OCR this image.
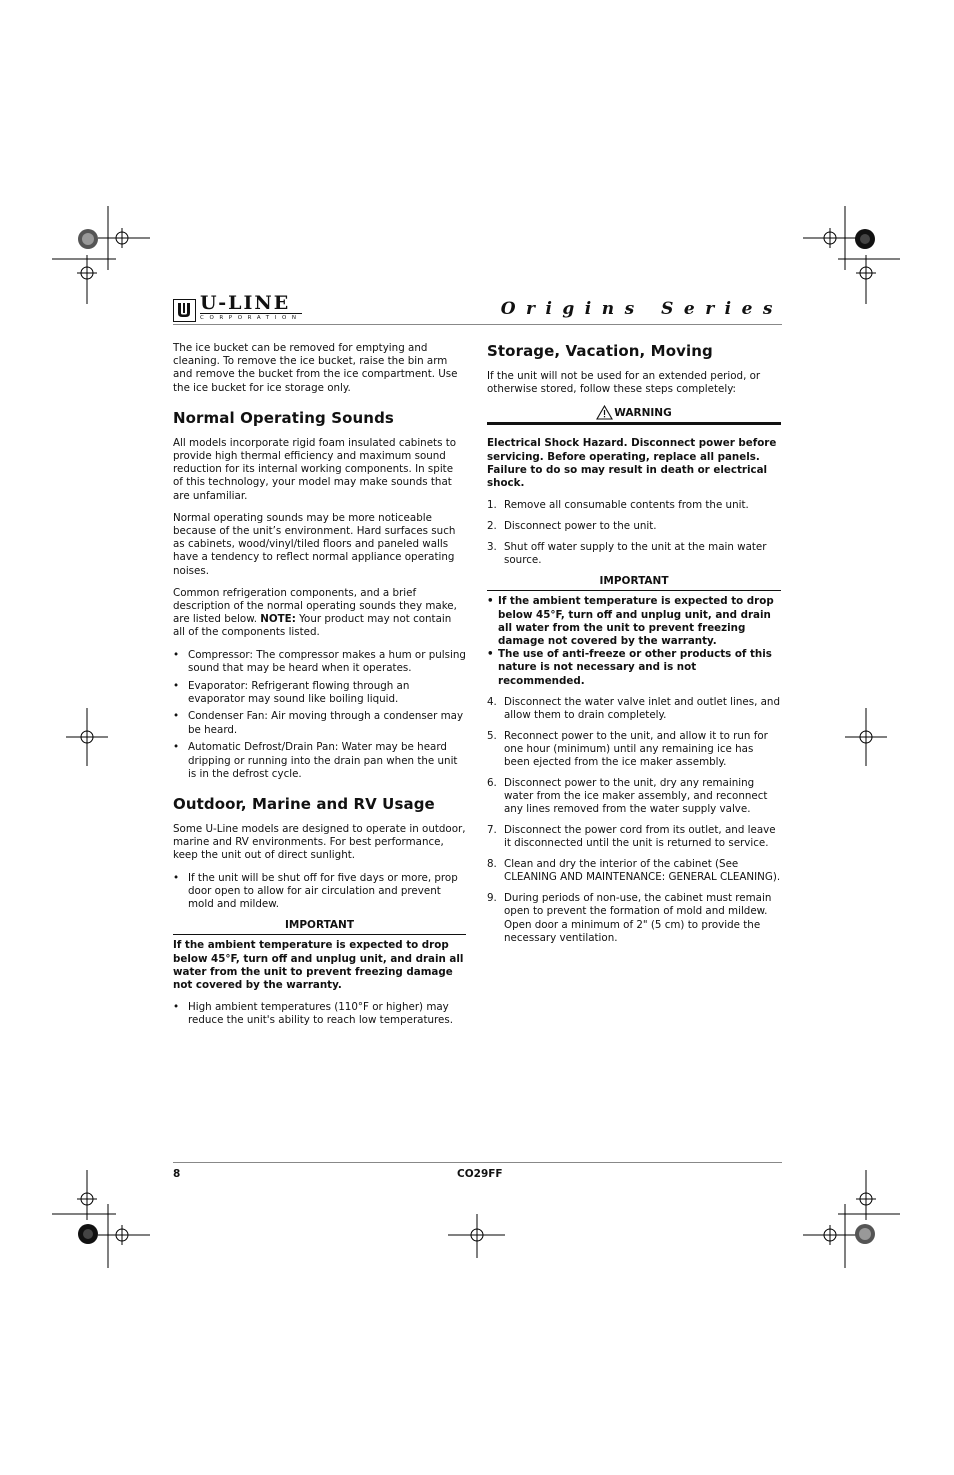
U-LINE
CORPORATION	Origins Series

The ice bucket can be removed for emptying and cleaning. To remove the ice bucket, raise the bin arm and remove the bucket from the ice compartment. Use the ice bucket for ice storage only.

Normal Operating Sounds

All models incorporate rigid foam insulated cabinets to provide high thermal efficiency and maximum sound reduction for its internal working components. In spite of this technology, your model may make sounds that are unfamiliar.

Normal operating sounds may be more noticeable because of the unit’s environment. Hard surfaces such as cabinets, wood/vinyl/tiled floors and paneled walls have a tendency to reflect normal appliance operating noises.

Common refrigeration components, and a brief description of the normal operating sounds they make, are listed below. NOTE: Your product may not contain all of the components listed.

• Compressor: The compressor makes a hum or pulsing sound that may be heard when it operates.
• Evaporator: Refrigerant flowing through an evaporator may sound like boiling liquid.
• Condenser Fan: Air moving through a condenser may be heard.
• Automatic Defrost/Drain Pan: Water may be heard dripping or running into the drain pan when the unit is in the defrost cycle.
Outdoor, Marine and RV Usage

Some U-Line models are designed to operate in outdoor, marine and RV environments. For best performance, keep the unit out of direct sunlight.

• If the unit will be shut off for five days or more, prop door open to allow for air circulation and prevent mold and mildew.
IMPORTANT

If the ambient temperature is expected to drop below 45°F, turn off and unplug unit, and drain all water from the unit to prevent freezing damage not covered by the warranty.

• High ambient temperatures (110°F or higher) may reduce the unit's ability to reach low temperatures.
Storage, Vacation, Moving

If the unit will not be used for an extended period, or otherwise stored, follow these steps completely:

WARNING

Electrical Shock Hazard. Disconnect power before servicing. Before operating, replace all panels. Failure to do so may result in death or electrical shock.

1. Remove all consumable contents from the unit.
2. Disconnect power to the unit.
3. Shut off water supply to the unit at the main water source.
IMPORTANT
• If the ambient temperature is expected to drop below 45°F, turn off and unplug unit, and drain all water from the unit to prevent freezing damage not covered by the warranty.
• The use of anti-freeze or other products of this nature is not necessary and is not recommended.
4. Disconnect the water valve inlet and outlet lines, and allow them to drain completely.
5. Reconnect power to the unit, and allow it to run for one hour (minimum) until any remaining ice has been ejected from the ice maker assembly.
6. Disconnect power to the unit, dry any remaining water from the ice maker assembly, and reconnect any lines removed from the water supply valve.
7. Disconnect the power cord from its outlet, and leave it disconnected until the unit is returned to service.
8. Clean and dry the interior of the cabinet (See CLEANING AND MAINTENANCE: GENERAL CLEANING).
9. During periods of non-use, the cabinet must remain open to prevent the formation of mold and mildew. Open door a minimum of 2" (5 cm) to provide the necessary ventilation.
8	CO29FF
